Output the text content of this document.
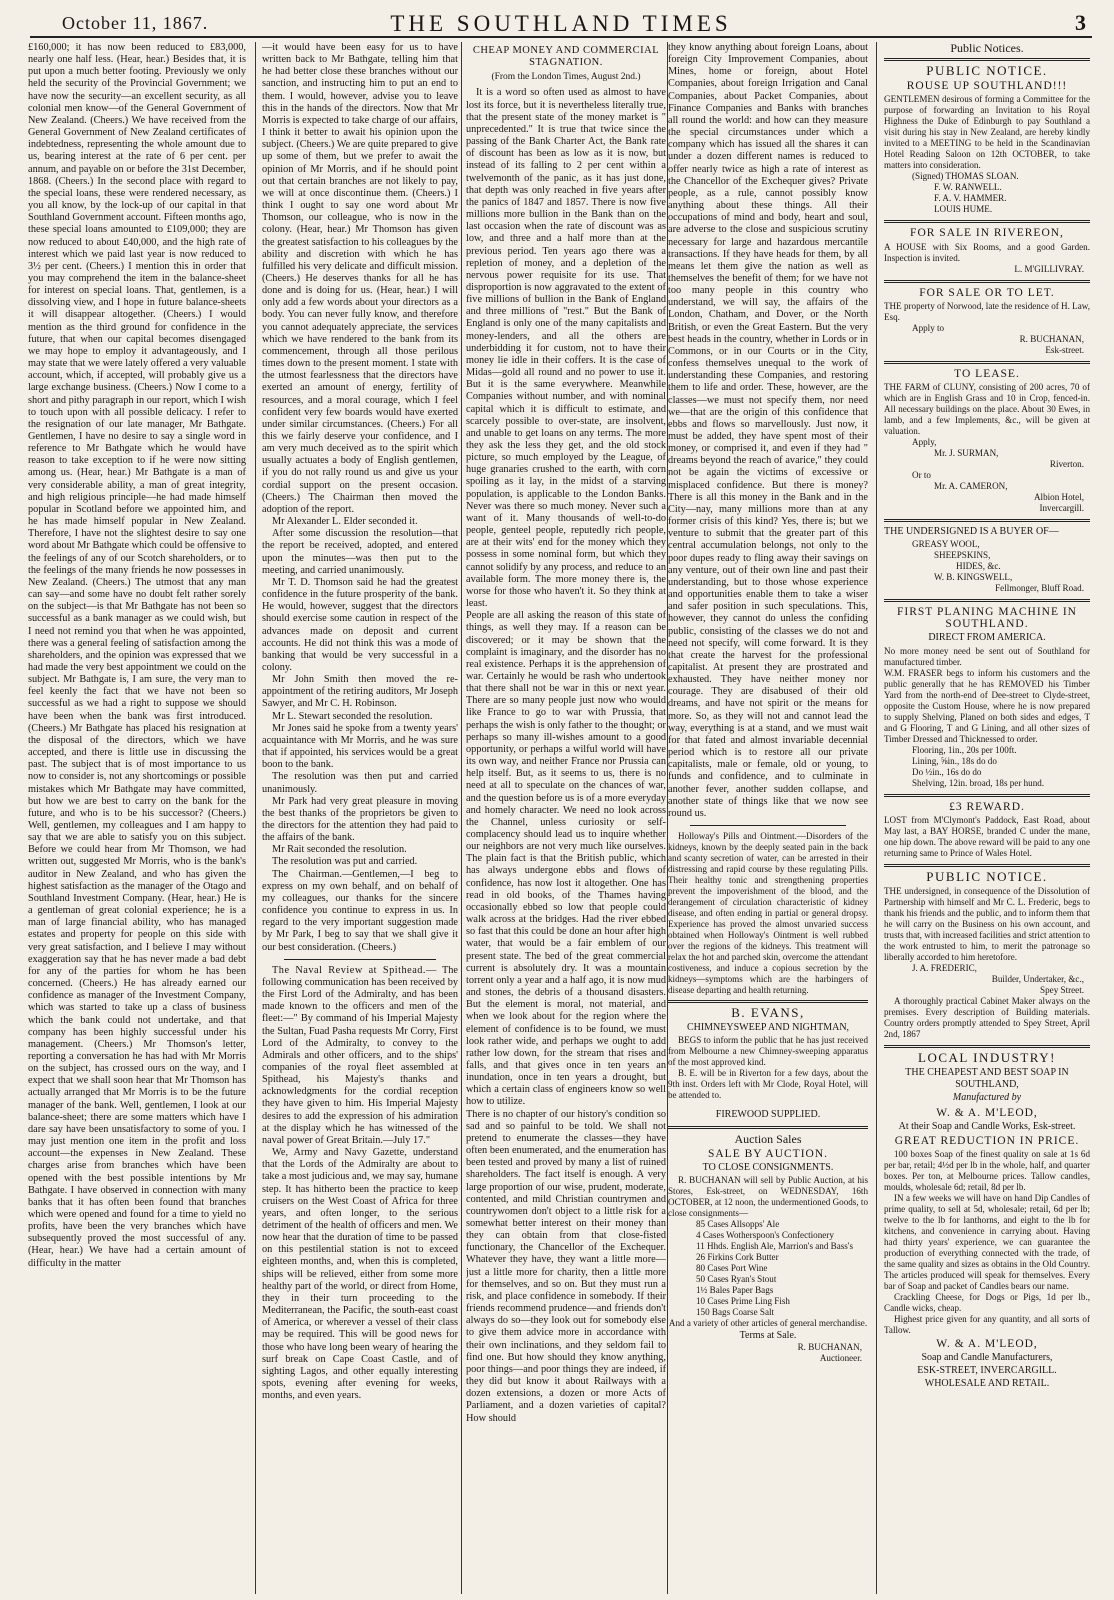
October 11, 1867.	THE SOUTHLAND TIMES	3

£160,000; it has now been reduced to £83,000, nearly one half less. (Hear, hear.) Besides that, it is put upon a much better footing. Previously we only held the security of the Provincial Government; we have now the security—an excellent security, as all colonial men know—of the General Government of New Zealand. (Cheers.) We have received from the General Government of New Zealand certificates of indebtedness, representing the whole amount due to us, bearing interest at the rate of 6 per cent. per annum, and payable on or before the 31st December, 1868. (Cheers.) In the second place with regard to the special loans, these were rendered necessary, as you all know, by the lock-up of our capital in that Southland Government account. Fifteen months ago, these special loans amounted to £109,000; they are now reduced to about £40,000, and the high rate of interest which we paid last year is now reduced to 3½ per cent. (Cheers.) I mention this in order that you may comprehend the item in the balance-sheet for interest on special loans. That, gentlemen, is a dissolving view, and I hope in future balance-sheets it will disappear altogether. (Cheers.) I would mention as the third ground for confidence in the future, that when our capital becomes disengaged we may hope to employ it advantageously, and I may state that we were lately offered a very valuable account, which, if accepted, will probably give us a large exchange business. (Cheers.) Now I come to a short and pithy paragraph in our report, which I wish to touch upon with all possible delicacy. I refer to the resignation of our late manager, Mr Bathgate. Gentlemen, I have no desire to say a single word in reference to Mr Bathgate which he would have reason to take exception to if he were now sitting among us. (Hear, hear.) Mr Bathgate is a man of very considerable ability, a man of great integrity, and high religious principle—he had made himself popular in Scotland before we appointed him, and he has made himself popular in New Zealand. Therefore, I have not the slightest desire to say one word about Mr Bathgate which could be offensive to the feelings of any of our Scotch shareholders, or to the feelings of the many friends he now possesses in New Zealand. (Cheers.) The utmost that any man can say—and some have no doubt felt rather sorely on the subject—is that Mr Bathgate has not been so successful as a bank manager as we could wish, but I need not remind you that when he was appointed, there was a general feeling of satisfaction among the shareholders, and the opinion was expressed that we had made the very best appointment we could on the subject. Mr Bathgate is, I am sure, the very man to feel keenly the fact that we have not been so successful as we had a right to suppose we should have been when the bank was first introduced. (Cheers.) Mr Bathgate has placed his resignation at the disposal of the directors, which we have accepted, and there is little use in discussing the past. The subject that is of most importance to us now to consider is, not any shortcomings or possible mistakes which Mr Bathgate may have committed, but how we are best to carry on the bank for the future, and who is to be his successor? (Cheers.) Well, gentlemen, my colleagues and I am happy to say that we are able to satisfy you on this subject. Before we could hear from Mr Thomson, we had written out, suggested Mr Morris, who is the bank's auditor in New Zealand, and who has given the highest satisfaction as the manager of the Otago and Southland Investment Company. (Hear, hear.) He is a gentleman of great colonial experience; he is a man of large financial ability, who has managed estates and property for people on this side with very great satisfaction, and I believe I may without exaggeration say that he has never made a bad debt for any of the parties for whom he has been concerned. (Cheers.) He has already earned our confidence as manager of the Investment Company, which was started to take up a class of business which the bank could not undertake, and that company has been highly successful under his management. (Cheers.) Mr Thomson's letter, reporting a conversation he has had with Mr Morris on the subject, has crossed ours on the way, and I expect that we shall soon hear that Mr Thomson has actually arranged that Mr Morris is to be the future manager of the bank. Well, gentlemen, I look at our balance-sheet; there are some matters which have I dare say have been unsatisfactory to some of you. I may just mention one item in the profit and loss account—the expenses in New Zealand. These charges arise from branches which have been opened with the best possible intentions by Mr Bathgate. I have observed in connection with many banks that it has often been found that branches which were opened and found for a time to yield no profits, have been the very branches which have subsequently proved the most successful of any. (Hear, hear.) We have had a certain amount of difficulty in the matter

—it would have been easy for us to have written back to Mr Bathgate, telling him that he had better close these branches without our sanction, and instructing him to put an end to them. I would, however, advise you to leave this in the hands of the directors. Now that Mr Morris is expected to take charge of our affairs, I think it better to await his opinion upon the subject. (Cheers.) We are quite prepared to give up some of them, but we prefer to await the opinion of Mr Morris, and if he should point out that certain branches are not likely to pay, we will at once discontinue them. (Cheers.) I think I ought to say one word about Mr Thomson, our colleague, who is now in the colony. (Hear, hear.) Mr Thomson has given the greatest satisfaction to his colleagues by the ability and discretion with which he has fulfilled his very delicate and difficult mission. (Cheers.) He deserves thanks for all he has done and is doing for us. (Hear, hear.) I will only add a few words about your directors as a body. You can never fully know, and therefore you cannot adequately appreciate, the services which we have rendered to the bank from its commencement, through all those perilous times down to the present moment. I state with the utmost fearlessness that the directors have exerted an amount of energy, fertility of resources, and a moral courage, which I feel confident very few boards would have exerted under similar circumstances. (Cheers.) For all this we fairly deserve your confidence, and I am very much deceived as to the spirit which usually actuates a body of English gentlemen, if you do not rally round us and give us your cordial support on the present occasion. (Cheers.) The Chairman then moved the adoption of the report.

Mr Alexander L. Elder seconded it.

After some discussion the resolution—that the report be received, adopted, and entered upon the minutes—was then put to the meeting, and carried unanimously.

Mr T. D. Thomson said he had the greatest confidence in the future prosperity of the bank. He would, however, suggest that the directors should exercise some caution in respect of the advances made on deposit and current accounts. He did not think this was a mode of banking that would be very successful in a colony.

Mr John Smith then moved the re-appointment of the retiring auditors, Mr Joseph Sawyer, and Mr C. H. Robinson.

Mr L. Stewart seconded the resolution.

Mr Jones said he spoke from a twenty years' acquaintance with Mr Morris, and he was sure that if appointed, his services would be a great boon to the bank.

The resolution was then put and carried unanimously.

Mr Park had very great pleasure in moving the best thanks of the proprietors be given to the directors for the attention they had paid to the affairs of the bank.

Mr Rait seconded the resolution.

The resolution was put and carried.

The Chairman.—Gentlemen,—I beg to express on my own behalf, and on behalf of my colleagues, our thanks for the sincere confidence you continue to express in us. In regard to the very important suggestion made by Mr Park, I beg to say that we shall give it our best consideration. (Cheers.)

The Naval Review at Spithead.— The following communication has been received by the First Lord of the Admiralty, and has been made known to the officers and men of the fleet:—" By command of his Imperial Majesty the Sultan, Fuad Pasha requests Mr Corry, First Lord of the Admiralty, to convey to the Admirals and other officers, and to the ships' companies of the royal fleet assembled at Spithead, his Majesty's thanks and acknowledgments for the cordial reception they have given to him. His Imperial Majesty desires to add the expression of his admiration at the display which he has witnessed of the naval power of Great Britain.—July 17."

We, Army and Navy Gazette, understand that the Lords of the Admiralty are about to take a most judicious and, we may say, humane step. It has hitherto been the practice to keep cruisers on the West Coast of Africa for three years, and often longer, to the serious detriment of the health of officers and men. We now hear that the duration of time to be passed on this pestilential station is not to exceed eighteen months, and, when this is completed, ships will be relieved, either from some more healthy part of the world, or direct from Home, they in their turn proceeding to the Mediterranean, the Pacific, the south-east coast of America, or wherever a vessel of their class may be required. This will be good news for those who have long been weary of hearing the surf break on Cape Coast Castle, and of sighting Lagos, and other equally interesting spots, evening after evening for weeks, months, and even years.

CHEAP MONEY AND COMMERCIAL STAGNATION.
(From the London Times, August 2nd.)

It is a word so often used as almost to have lost its force, but it is nevertheless literally true, that the present state of the money market is " unprecedented." It is true that twice since the passing of the Bank Charter Act, the Bank rate of discount has been as low as it is now, but instead of its falling to 2 per cent within a twelvemonth of the panic, as it has just done, that depth was only reached in five years after the panics of 1847 and 1857. There is now five millions more bullion in the Bank than on the last occasion when the rate of discount was as low, and three and a half more than at the previous period. Ten years ago there was a repletion of money, and a depletion of the nervous power requisite for its use. That disproportion is now aggravated to the extent of five millions of bullion in the Bank of England and three millions of "rest." But the Bank of England is only one of the many capitalists and money-lenders, and all the others are underbidding it for custom, not to have their money lie idle in their coffers. It is the case of Midas—gold all round and no power to use it. But it is the same everywhere. Meanwhile Companies without number, and with nominal capital which it is difficult to estimate, and scarcely possible to over-state, are insolvent, and unable to get loans on any terms. The more they ask the less they get, and the old stock picture, so much employed by the League, of huge granaries crushed to the earth, with corn spoiling as it lay, in the midst of a starving population, is applicable to the London Banks. Never was there so much money. Never such a want of it. Many thousands of well-to-do people, genteel people, reputedly rich people, are at their wits' end for the money which they possess in some nominal form, but which they cannot solidify by any process, and reduce to an available form. The more money there is, the worse for those who haven't it. So they think at least.
People are all asking the reason of this state of things, as well they may. If a reason can be discovered; or it may be shown that the complaint is imaginary, and the disorder has no real existence. Perhaps it is the apprehension of war. Certainly he would be rash who undertook that there shall not be war in this or next year. There are so many people just now who would like France to go to war with Prussia, that perhaps the wish is only father to the thought; or perhaps so many ill-wishes amount to a good opportunity, or perhaps a wilful world will have its own way, and neither France nor Prussia can help itself. But, as it seems to us, there is no need at all to speculate on the chances of war, and the question before us is of a more everyday and homely character. We need no look across the Channel, unless curiosity or self-complacency should lead us to inquire whether our neighbors are not very much like ourselves. The plain fact is that the British public, which has always undergone ebbs and flows of confidence, has now lost it altogether. One has read in old books, of the Thames having occasionally ebbed so low that people could walk across at the bridges. Had the river ebbed so fast that this could be done an hour after high water, that would be a fair emblem of our present state. The bed of the great commercial current is absolutely dry. It was a mountain torrent only a year and a half ago, it is now mud and stones, the debris of a thousand disasters. But the element is moral, not material, and when we look about for the region where the element of confidence is to be found, we must look rather wide, and perhaps we ought to add rather low down, for the stream that rises and falls, and that gives once in ten years an inundation, once in ten years a drought, but which a certain class of engineers know so well how to utilize.
There is no chapter of our history's condition so sad and so painful to be told. We shall not pretend to enumerate the classes—they have often been enumerated, and the enumeration has been tested and proved by many a list of ruined shareholders. The fact itself is enough. A very large proportion of our wise, prudent, moderate, contented, and mild Christian countrymen and countrywomen don't object to a little risk for a somewhat better interest on their money than they can obtain from that close-fisted functionary, the Chancellor of the Exchequer. Whatever they have, they want a little more—just a little more for charity, then a little more for themselves, and so on. But they must run a risk, and place confidence in somebody. If their friends recommend prudence—and friends don't always do so—they look out for somebody else to give them advice more in accordance with their own inclinations, and they seldom fail to find one. But how should they know anything, poor things—and poor things they are indeed, if they did but know it about Railways with a dozen extensions, a dozen or more Acts of Parliament, and a dozen varieties of capital? How should

they know anything about foreign Loans, about foreign City Improvement Companies, about Mines, home or foreign, about Hotel Companies, about foreign Irrigation and Canal Companies, about Packet Companies, about Finance Companies and Banks with branches all round the world: and how can they measure the special circumstances under which a company which has issued all the shares it can under a dozen different names is reduced to offer nearly twice as high a rate of interest as the Chancellor of the Exchequer gives? Private people, as a rule, cannot possibly know anything about these things. All their occupations of mind and body, heart and soul, are adverse to the close and suspicious scrutiny necessary for large and hazardous mercantile transactions. If they have heads for them, by all means let them give the nation as well as themselves the benefit of them; for we have not too many people in this country who understand, we will say, the affairs of the London, Chatham, and Dover, or the North British, or even the Great Eastern. But the very best heads in the country, whether in Lords or in Commons, or in our Courts or in the City, confess themselves unequal to the work of understanding these Companies, and restoring them to life and order. These, however, are the classes—we must not specify them, nor need we—that are the origin of this confidence that ebbs and flows so marvellously. Just now, it must be added, they have spent most of their money, or comprised it, and even if they had " dreams beyond the reach of avarice," they could not be again the victims of excessive or misplaced confidence. But there is money? There is all this money in the Bank and in the City—nay, many millions more than at any former crisis of this kind? Yes, there is; but we venture to submit that the greater part of this central accumulation belongs, not only to the poor dupes ready to fling away their savings on any venture, out of their own line and past their understanding, but to those whose experience and opportunities enable them to take a wiser and safer position in such speculations. This, however, they cannot do unless the confiding public, consisting of the classes we do not and need not specify, will come forward. It is they that create the harvest for the professional capitalist. At present they are prostrated and exhausted. They have neither money nor courage. They are disabused of their old dreams, and have not spirit or the means for more. So, as they will not and cannot lead the way, everything is at a stand, and we must wait for that fated and almost invariable decennial period which is to restore all our private capitalists, male or female, old or young, to funds and confidence, and to culminate in another fever, another sudden collapse, and another state of things like that we now see round us.

Holloway's Pills and Ointment.—Disorders of the kidneys, known by the deeply seated pain in the back and scanty secretion of water, can be arrested in their distressing and rapid course by these regulating Pills. Their healthy tonic and strengthening properties prevent the impoverishment of the blood, and the derangement of circulation characteristic of kidney disease, and often ending in partial or general dropsy. Experience has proved the almost unvaried success obtained when Holloway's Ointment is well rubbed over the regions of the kidneys. This treatment will relax the hot and parched skin, overcome the attendant costiveness, and induce a copious secretion by the kidneys—symptoms which are the harbingers of disease departing and health returning.

B. EVANS,
CHIMNEYSWEEP AND NIGHTMAN,

BEGS to inform the public that he has just received from Melbourne a new Chimney-sweeping apparatus of the most approved kind.

B. E. will be in Riverton for a few days, about the 9th inst. Orders left with Mr Clode, Royal Hotel, will be attended to.

FIREWOOD SUPPLIED.
Auction Sales
SALE BY AUCTION.
TO CLOSE CONSIGNMENTS.

R. BUCHANAN will sell by Public Auction, at his Stores, Esk-street, on WEDNESDAY, 16th OCTOBER, at 12 noon, the undermentioned Goods, to close consignments—

85 Cases Allsopps' Ale
4 Cases Wotherspoon's Confectionery
11 Hhds. English Ale, Marrion's and Bass's
26 Firkins Cork Butter
80 Cases Port Wine
50 Cases Ryan's Stout
1½ Bales Paper Bags
10 Cases Prime Ling Fish
150 Bags Coarse Salt
And a variety of other articles of general merchandise.
Terms at Sale.
R. BUCHANAN,
Auctioneer.
Public Notices.
PUBLIC NOTICE.
ROUSE UP SOUTHLAND!!!

GENTLEMEN desirous of forming a Committee for the purpose of forwarding an Invitation to his Royal Highness the Duke of Edinburgh to pay Southland a visit during his stay in New Zealand, are hereby kindly invited to a MEETING to be held in the Scandinavian Hotel Reading Saloon on 12th OCTOBER, to take matters into consideration.

(Signed) THOMAS SLOAN.
F. W. RANWELL.
F. A. V. HAMMER.
LOUIS HUME.
FOR SALE IN RIVEREON,

A HOUSE with Six Rooms, and a good Garden. Inspection is invited.

L. M'GILLIVRAY.
FOR SALE OR TO LET.

THE property of Norwood, late the residence of H. Law, Esq.

Apply to
R. BUCHANAN,
Esk-street.
TO LEASE.

THE FARM of CLUNY, consisting of 200 acres, 70 of which are in English Grass and 10 in Crop, fenced-in. All necessary buildings on the place. About 30 Ewes, in lamb, and a few Implements, &c., will be given at valuation.

Apply,
Mr. J. SURMAN,
Riverton.
Or to
Mr. A. CAMERON,
Albion Hotel,
Invercargill.
THE UNDERSIGNED IS A BUYER OF—
GREASY WOOL,
SHEEPSKINS,
HIDES, &c.
W. B. KINGSWELL,
Fellmonger, Bluff Road.
FIRST PLANING MACHINE IN SOUTHLAND.
DIRECT FROM AMERICA.

No more money need be sent out of Southland for manufactured timber.

W.M. FRASER begs to inform his customers and the public generally that he has REMOVED his Timber Yard from the north-end of Dee-street to Clyde-street, opposite the Custom House, where he is now prepared to supply Shelving, Planed on both sides and edges, T and G Flooring, T and G Lining, and all other sizes of Timber Dressed and Thicknessed to order.

Flooring, 1in., 20s per 100ft.
Lining, ⅝in., 18s do do
Do ½in., 16s do do
Shelving, 12in. broad, 18s per hund.
£3 REWARD.

LOST from M'Clymont's Paddock, East Road, about May last, a BAY HORSE, branded C under the mane, one hip down. The above reward will be paid to any one returning same to Prince of Wales Hotel.

PUBLIC NOTICE.

THE undersigned, in consequence of the Dissolution of Partnership with himself and Mr C. L. Frederic, begs to thank his friends and the public, and to inform them that he will carry on the Business on his own account, and trusts that, with increased facilities and strict attention to the work entrusted to him, to merit the patronage so liberally accorded to him heretofore.

J. A. FREDERIC,
Builder, Undertaker, &c.,
Spey Street.

A thoroughly practical Cabinet Maker always on the premises. Every description of Building materials. Country orders promptly attended to Spey Street, April 2nd, 1867

LOCAL INDUSTRY!
THE CHEAPEST AND BEST SOAP IN SOUTHLAND,
Manufactured by
W. & A. M'LEOD,
At their Soap and Candle Works, Esk-street.
GREAT REDUCTION IN PRICE.

100 boxes Soap of the finest quality on sale at 1s 6d per bar, retail; 4½d per lb in the whole, half, and quarter boxes. Per ton, at Melbourne prices. Tallow candles, moulds, wholesale 6d; retail, 8d per lb.

IN a few weeks we will have on hand Dip Candles of prime quality, to sell at 5d, wholesale; retail, 6d per lb; twelve to the lb for lanthorns, and eight to the lb for kitchens, and convenience in carrying about. Having had thirty years' experience, we can guarantee the production of everything connected with the trade, of the same quality and sizes as obtains in the Old Country. The articles produced will speak for themselves. Every bar of Soap and packet of Candles bears our name.

Crackling Cheese, for Dogs or Pigs, 1d per lb., Candle wicks, cheap.

Highest price given for any quantity, and all sorts of Tallow.

W. & A. M'LEOD,
Soap and Candle Manufacturers,
ESK-STREET, INVERCARGILL.
WHOLESALE AND RETAIL.
